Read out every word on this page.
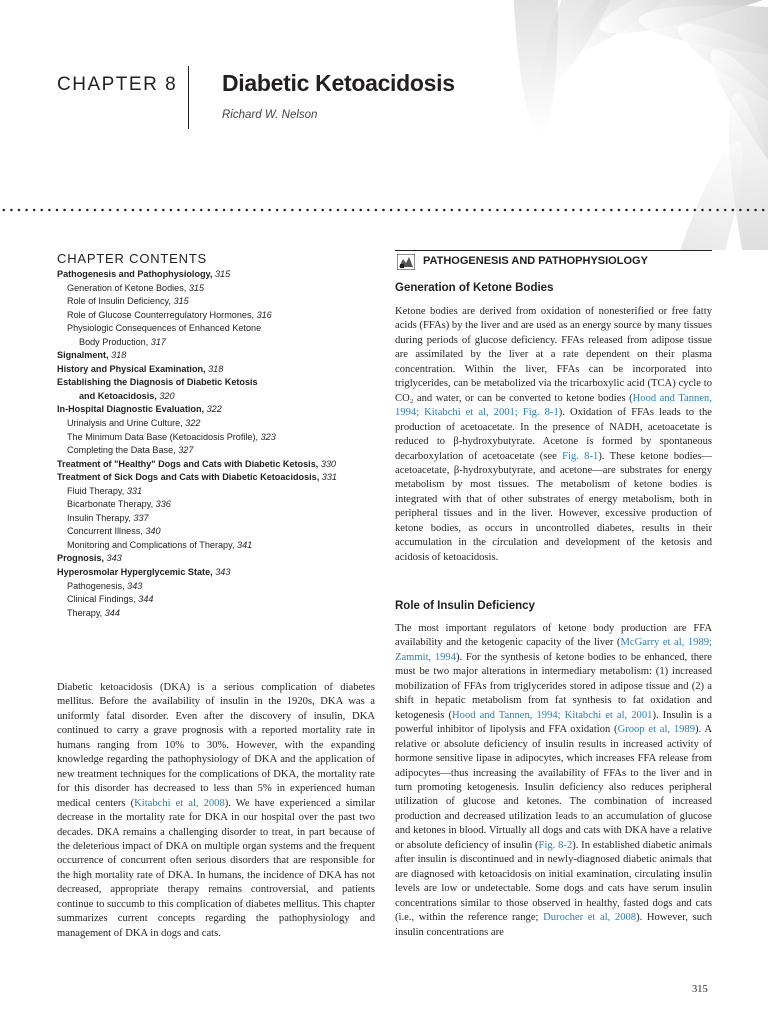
CHAPTER 8 Diabetic Ketoacidosis
Richard W. Nelson
CHAPTER CONTENTS
Pathogenesis and Pathophysiology, 315
Generation of Ketone Bodies, 315
Role of Insulin Deficiency, 315
Role of Glucose Counterregulatory Hormones, 316
Physiologic Consequences of Enhanced Ketone
Body Production, 317
Signalment, 318
History and Physical Examination, 318
Establishing the Diagnosis of Diabetic Ketosis
and Ketoacidosis, 320
In-Hospital Diagnostic Evaluation, 322
Urinalysis and Urine Culture, 322
The Minimum Data Base (Ketoacidosis Profile), 323
Completing the Data Base, 327
Treatment of "Healthy" Dogs and Cats with Diabetic Ketosis, 330
Treatment of Sick Dogs and Cats with Diabetic Ketoacidosis, 331
Fluid Therapy, 331
Bicarbonate Therapy, 336
Insulin Therapy, 337
Concurrent Illness, 340
Monitoring and Complications of Therapy, 341
Prognosis, 343
Hyperosmolar Hyperglycemic State, 343
Pathogenesis, 343
Clinical Findings, 344
Therapy, 344
Diabetic ketoacidosis (DKA) is a serious complication of diabetes mellitus. Before the availability of insulin in the 1920s, DKA was a uniformly fatal disorder. Even after the discovery of insulin, DKA continued to carry a grave prognosis with a reported mortality rate in humans ranging from 10% to 30%. However, with the expanding knowledge regarding the pathophysiology of DKA and the application of new treatment techniques for the complications of DKA, the mortality rate for this disorder has decreased to less than 5% in experienced human medical centers (Kitabchi et al, 2008). We have experienced a similar decrease in the mortality rate for DKA in our hospital over the past two decades. DKA remains a challenging disorder to treat, in part because of the deleterious impact of DKA on multiple organ systems and the frequent occurrence of concurrent often serious disorders that are responsible for the high mortality rate of DKA. In humans, the incidence of DKA has not decreased, appropriate therapy remains controversial, and patients continue to succumb to this complication of diabetes mellitus. This chapter summarizes current concepts regarding the pathophysiology and management of DKA in dogs and cats.
PATHOGENESIS AND PATHOPHYSIOLOGY
Generation of Ketone Bodies
Ketone bodies are derived from oxidation of nonesterified or free fatty acids (FFAs) by the liver and are used as an energy source by many tissues during periods of glucose deficiency. FFAs released from adipose tissue are assimilated by the liver at a rate dependent on their plasma concentration. Within the liver, FFAs can be incorporated into triglycerides, can be metabolized via the tricarboxylic acid (TCA) cycle to CO₂ and water, or can be converted to ketone bodies (Hood and Tannen, 1994; Kitabchi et al, 2001; Fig. 8-1). Oxidation of FFAs leads to the production of acetoacetate. In the presence of NADH, acetoacetate is reduced to β-hydroxybutyrate. Acetone is formed by spontaneous decarboxylation of acetoacetate (see Fig. 8-1). These ketone bodies—acetoacetate, β-hydroxybutyrate, and acetone—are substrates for energy metabolism by most tissues. The metabolism of ketone bodies is integrated with that of other substrates of energy metabolism, both in peripheral tissues and in the liver. However, excessive production of ketone bodies, as occurs in uncontrolled diabetes, results in their accumulation in the circulation and development of the ketosis and acidosis of ketoacidosis.
Role of Insulin Deficiency
The most important regulators of ketone body production are FFA availability and the ketogenic capacity of the liver (McGarry et al, 1989; Zammit, 1994). For the synthesis of ketone bodies to be enhanced, there must be two major alterations in intermediary metabolism: (1) increased mobilization of FFAs from triglycerides stored in adipose tissue and (2) a shift in hepatic metabolism from fat synthesis to fat oxidation and ketogenesis (Hood and Tannen, 1994; Kitabchi et al, 2001). Insulin is a powerful inhibitor of lipolysis and FFA oxidation (Groop et al, 1989). A relative or absolute deficiency of insulin results in increased activity of hormone sensitive lipase in adipocytes, which increases FFA release from adipocytes—thus increasing the availability of FFAs to the liver and in turn promoting ketogenesis. Insulin deficiency also reduces peripheral utilization of glucose and ketones. The combination of increased production and decreased utilization leads to an accumulation of glucose and ketones in blood. Virtually all dogs and cats with DKA have a relative or absolute deficiency of insulin (Fig. 8-2). In established diabetic animals after insulin is discontinued and in newly-diagnosed diabetic animals that are diagnosed with ketoacidosis on initial examination, circulating insulin levels are low or undetectable. Some dogs and cats have serum insulin concentrations similar to those observed in healthy, fasted dogs and cats (i.e., within the reference range; Durocher et al, 2008). However, such insulin concentrations are
315
